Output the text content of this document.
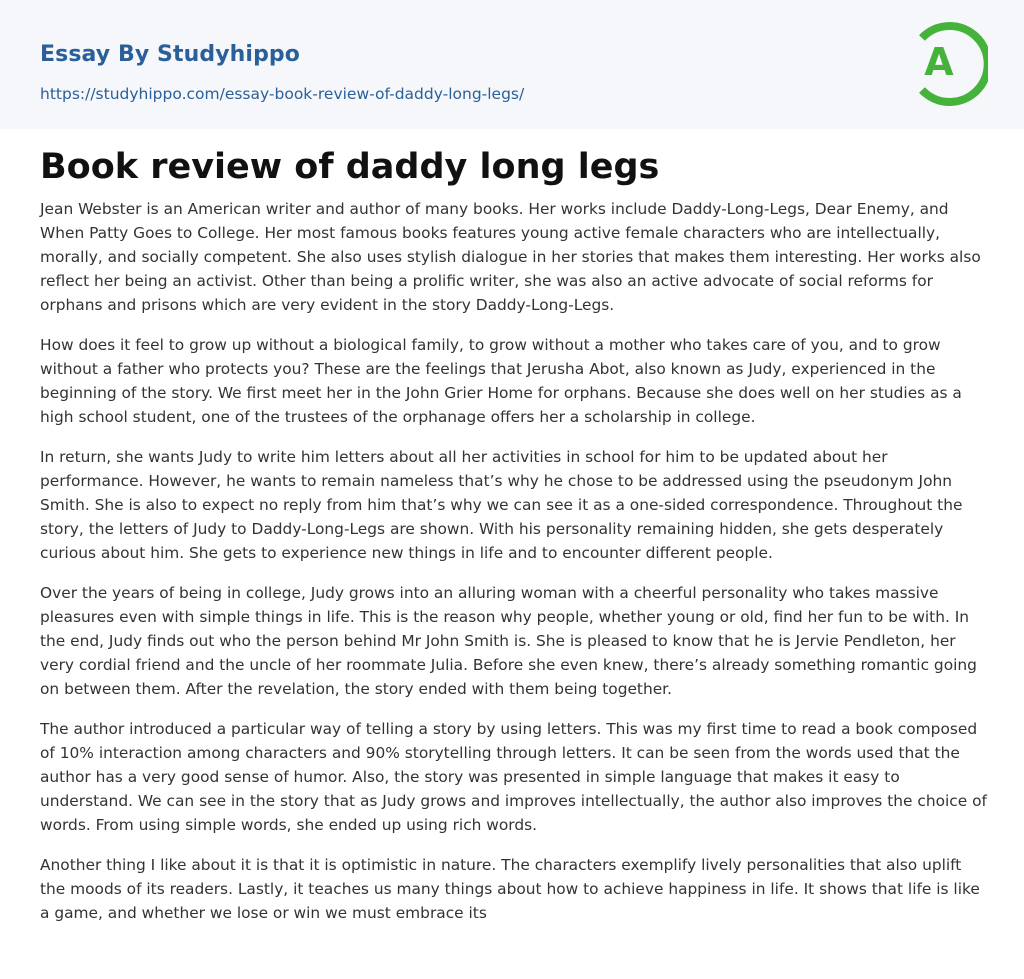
Essay By Studyhippo
https://studyhippo.com/essay-book-review-of-daddy-long-legs/
A
Book review of daddy long legs

Jean Webster is an American writer and author of many books. Her works include Daddy-Long-Legs, Dear Enemy, and When Patty Goes to College. Her most famous books features young active female characters who are intellectually, morally, and socially competent. She also uses stylish dialogue in her stories that makes them interesting. Her works also reflect her being an activist. Other than being a prolific writer, she was also an active advocate of social reforms for orphans and prisons which are very evident in the story Daddy-Long-Legs.

How does it feel to grow up without a biological family, to grow without a mother who takes care of you, and to grow without a father who protects you? These are the feelings that Jerusha Abot, also known as Judy, experienced in the beginning of the story. We first meet her in the John Grier Home for orphans. Because she does well on her studies as a high school student, one of the trustees of the orphanage offers her a scholarship in college.

In return, she wants Judy to write him letters about all her activities in school for him to be updated about her performance. However, he wants to remain nameless that’s why he chose to be addressed using the pseudonym John Smith. She is also to expect no reply from him that’s why we can see it as a one-sided correspondence. Throughout the story, the letters of Judy to Daddy-Long-Legs are shown. With his personality remaining hidden, she gets desperately curious about him. She gets to experience new things in life and to encounter different people.

Over the years of being in college, Judy grows into an alluring woman with a cheerful personality who takes massive pleasures even with simple things in life. This is the reason why people, whether young or old, find her fun to be with. In the end, Judy finds out who the person behind Mr John Smith is. She is pleased to know that he is Jervie Pendleton, her very cordial friend and the uncle of her roommate Julia. Before she even knew, there’s already something romantic going on between them. After the revelation, the story ended with them being together.

The author introduced a particular way of telling a story by using letters. This was my first time to read a book composed of 10% interaction among characters and 90% storytelling through letters. It can be seen from the words used that the author has a very good sense of humor. Also, the story was presented in simple language that makes it easy to understand. We can see in the story that as Judy grows and improves intellectually, the author also improves the choice of words. From using simple words, she ended up using rich words.

Another thing I like about it is that it is optimistic in nature. The characters exemplify lively personalities that also uplift the moods of its readers. Lastly, it teaches us many things about how to achieve happiness in life. It shows that life is like a game, and whether we lose or win we must embrace its
